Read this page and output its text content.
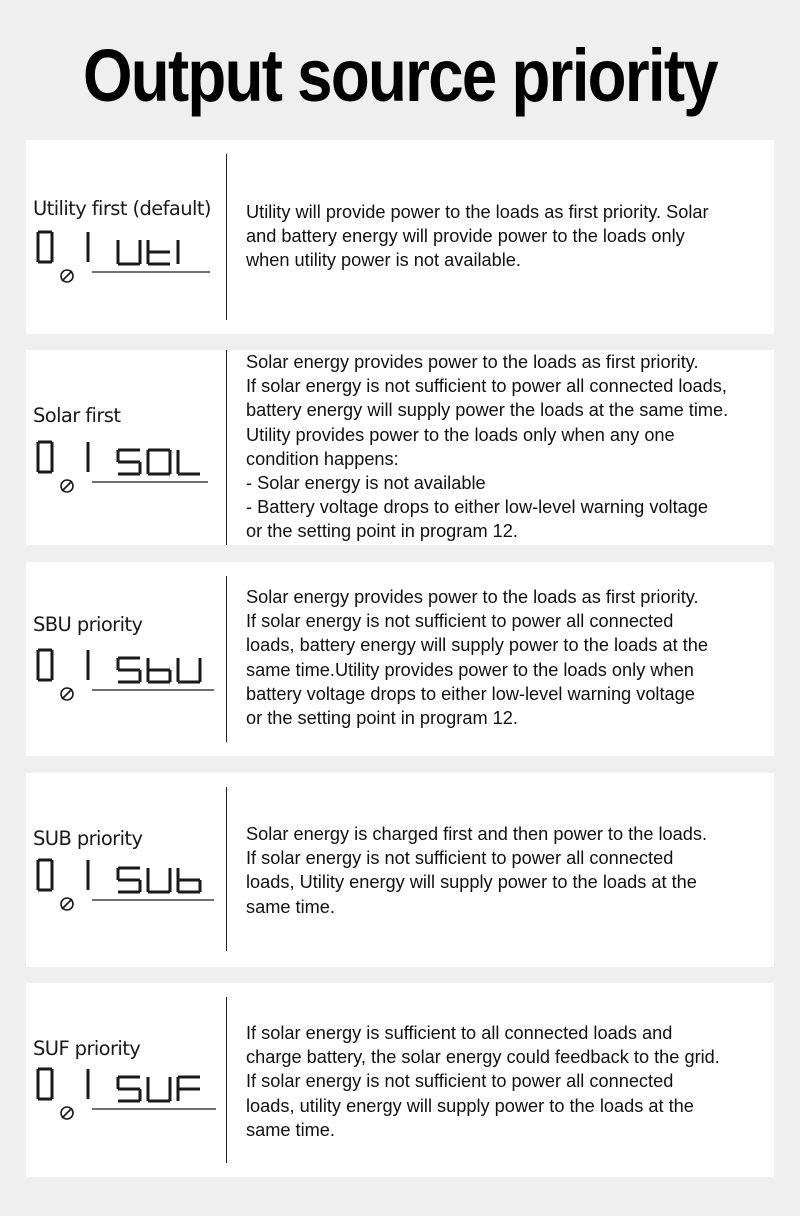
Output source priority
Utility first (default) Utility will provide power to the loads as first priority. Solar
and battery energy will provide power to the loads only
when utility power is not available.
Solar first
Solar energy provides power to the loads as first priority.
If solar energy is not sufficient to power all connected loads,
battery energy will supply power the loads at the same time.
Utility provides power to the loads only when any one
condition happens:
- Solar energy is not available
- Battery voltage drops to either low-level warning voltage
or the setting point in program 12.
SBU priority
Solar energy provides power to the loads as first priority.
If solar energy is not sufficient to power all connected
loads, battery energy will supply power to the loads at the
same time.Utility provides power to the loads only when
battery voltage drops to either low-level warning voltage
or the setting point in program 12.
SUB priority	Solar energy is charged first and then power to the loads.
If solar energy is not sufficient to power all connected
loads, Utility energy will supply power to the loads at the
same time.
SUF priority
If solar energy is sufficient to all connected loads and
charge battery, the solar energy could feedback to the grid.
If solar energy is not sufficient to power all connected
loads, utility energy will supply power to the loads at the
same time.
